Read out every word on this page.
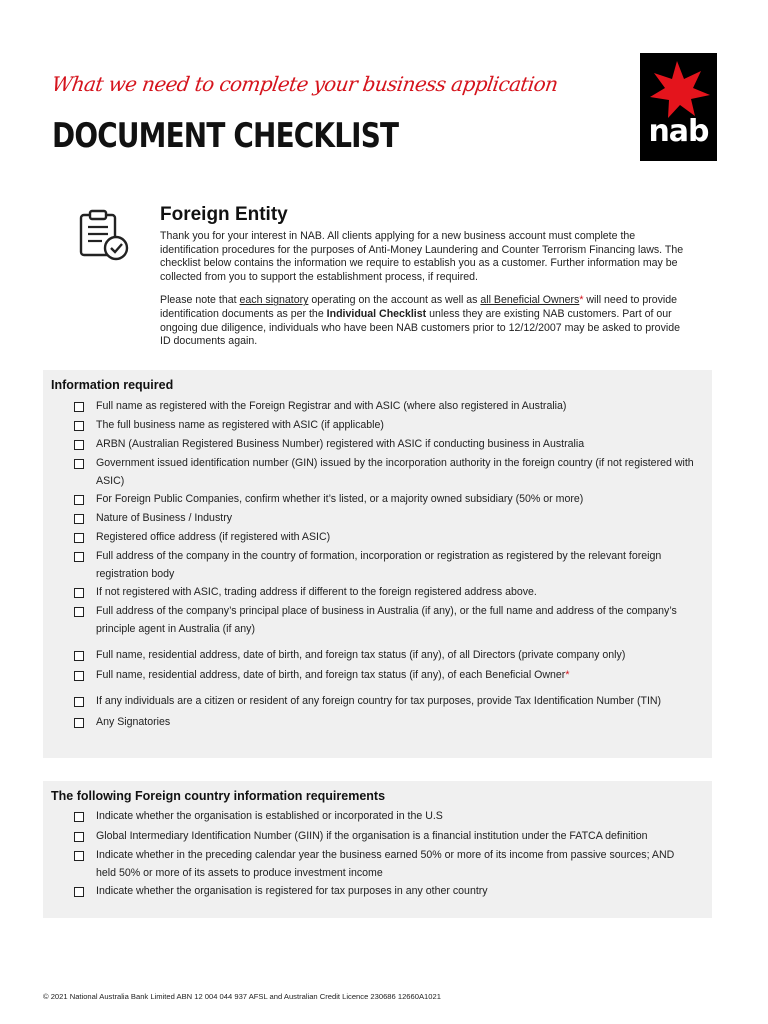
What we need to complete your business application
DOCUMENT CHECKLIST	nab
Foreign Entity

Thank you for your interest in NAB. All clients applying for a new business account must complete the identification procedures for the purposes of Anti-Money Laundering and Counter Terrorism Financing laws. The checklist below contains the information we require to establish you as a customer. Further information may be collected from you to support the establishment process, if required.

Please note that each signatory operating on the account as well as all Beneficial Owners* will need to provide identification documents as per the Individual Checklist unless they are existing NAB customers. Part of our ongoing due diligence, individuals who have been NAB customers prior to 12/12/2007 may be asked to provide ID documents again.

Information required
Full name as registered with the Foreign Registrar and with ASIC (where also registered in Australia)
The full business name as registered with ASIC (if applicable)
ARBN (Australian Registered Business Number) registered with ASIC if conducting business in Australia
Government issued identification number (GIN) issued by the incorporation authority in the foreign country (if not registered with ASIC)
For Foreign Public Companies, confirm whether it’s listed, or a majority owned subsidiary (50% or more)
Nature of Business / Industry
Registered office address (if registered with ASIC)
Full address of the company in the country of formation, incorporation or registration as registered by the relevant foreign registration body
If not registered with ASIC, trading address if different to the foreign registered address above.
Full address of the company’s principal place of business in Australia (if any), or the full name and address of the company’s principle agent in Australia (if any)
Full name, residential address, date of birth, and foreign tax status (if any), of all Directors (private company only)
Full name, residential address, date of birth, and foreign tax status (if any), of each Beneficial Owner*
If any individuals are a citizen or resident of any foreign country for tax purposes, provide Tax Identification Number (TIN)
Any Signatories
The following Foreign country information requirements
Indicate whether the organisation is established or incorporated in the U.S
Global Intermediary Identification Number (GIIN) if the organisation is a financial institution under the FATCA definition
Indicate whether in the preceding calendar year the business earned 50% or more of its income from passive sources; AND held 50% or more of its assets to produce investment income
Indicate whether the organisation is registered for tax purposes in any other country
© 2021 National Australia Bank Limited ABN 12 004 044 937 AFSL and Australian Credit Licence 230686 12660A1021
